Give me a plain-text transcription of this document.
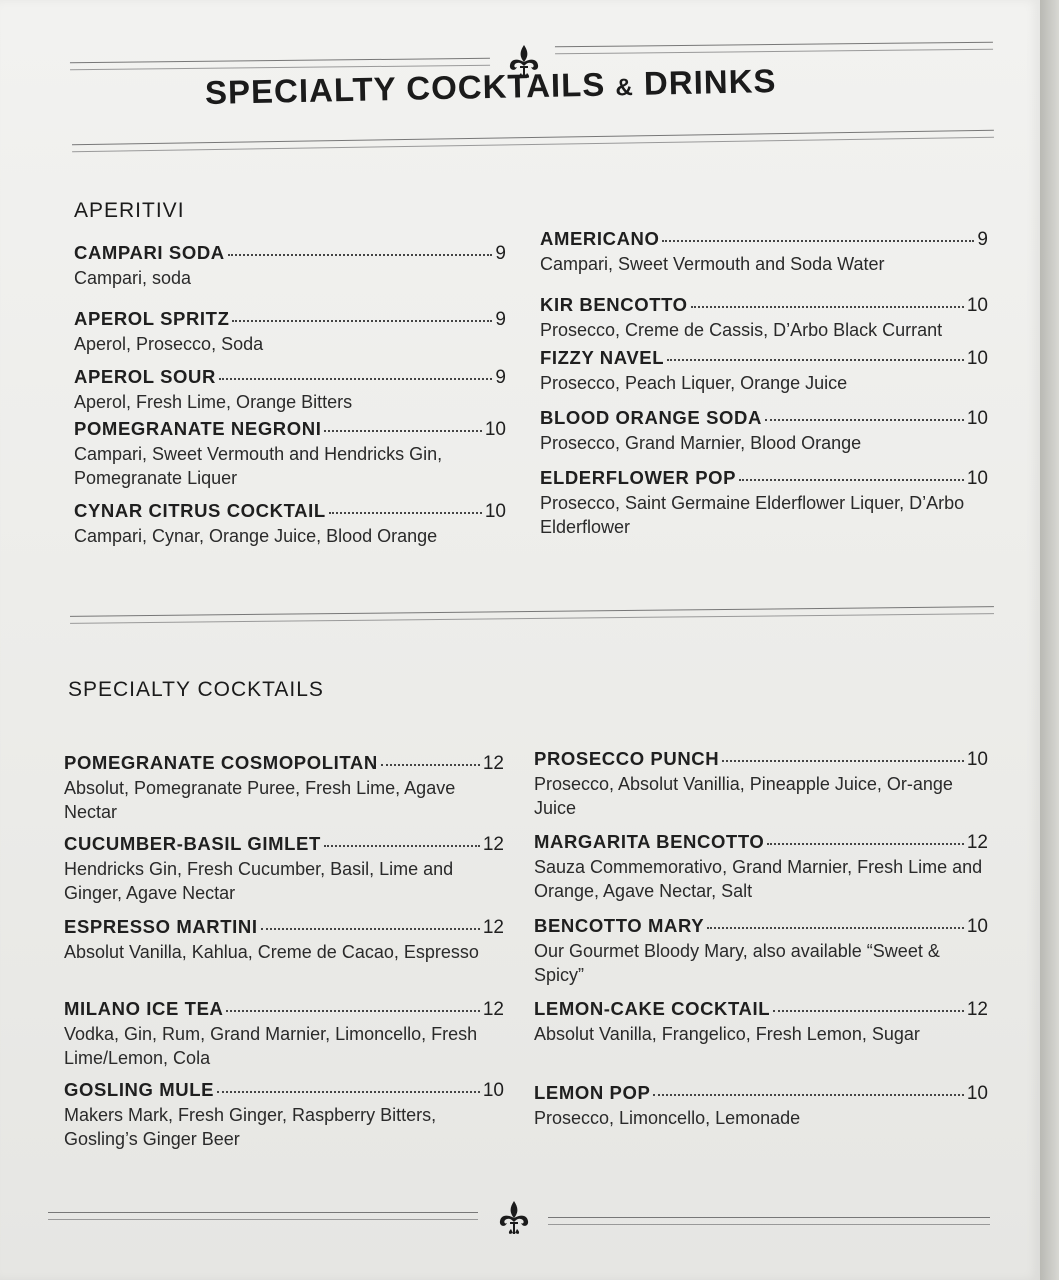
SPECIALTY COCKTAILS & DRINKS
APERITIVI
CAMPARI SODA	9
Campari, soda
APEROL SPRITZ	9
Aperol, Prosecco, Soda
APEROL SOUR	9
Aperol, Fresh Lime, Orange Bitters
POMEGRANATE NEGRONI	10
Campari, Sweet Vermouth and Hendricks Gin, Pomegranate Liquer
CYNAR CITRUS COCKTAIL	10
Campari, Cynar, Orange Juice, Blood Orange
AMERICANO	9
Campari, Sweet Vermouth and Soda Water
KIR BENCOTTO	10
Prosecco, Creme de Cassis, D’Arbo Black Currant
FIZZY NAVEL	10
Prosecco, Peach Liquer, Orange Juice
BLOOD ORANGE SODA	10
Prosecco, Grand Marnier, Blood Orange
ELDERFLOWER POP	10
Prosecco, Saint Germaine Elderflower Liquer, D’Arbo Elderflower
SPECIALTY COCKTAILS
POMEGRANATE COSMOPOLITAN	12
Absolut, Pomegranate Puree, Fresh Lime, Agave Nectar
CUCUMBER-BASIL GIMLET	12
Hendricks Gin, Fresh Cucumber, Basil, Lime and Ginger, Agave Nectar
ESPRESSO MARTINI	12
Absolut Vanilla, Kahlua, Creme de Cacao, Espresso
MILANO ICE TEA	12
Vodka, Gin, Rum, Grand Marnier, Limoncello, Fresh Lime/Lemon, Cola
GOSLING MULE	10
Makers Mark, Fresh Ginger, Raspberry Bitters, Gosling’s Ginger Beer
PROSECCO PUNCH	10
Prosecco, Absolut Vanillia, Pineapple Juice, Or-ange Juice
MARGARITA BENCOTTO	12
Sauza Commemorativo, Grand Marnier, Fresh Lime and Orange, Agave Nectar, Salt
BENCOTTO MARY	10
Our Gourmet Bloody Mary, also available “Sweet & Spicy”
LEMON-CAKE COCKTAIL	12
Absolut Vanilla, Frangelico, Fresh Lemon, Sugar
LEMON POP	10
Prosecco, Limoncello, Lemonade
